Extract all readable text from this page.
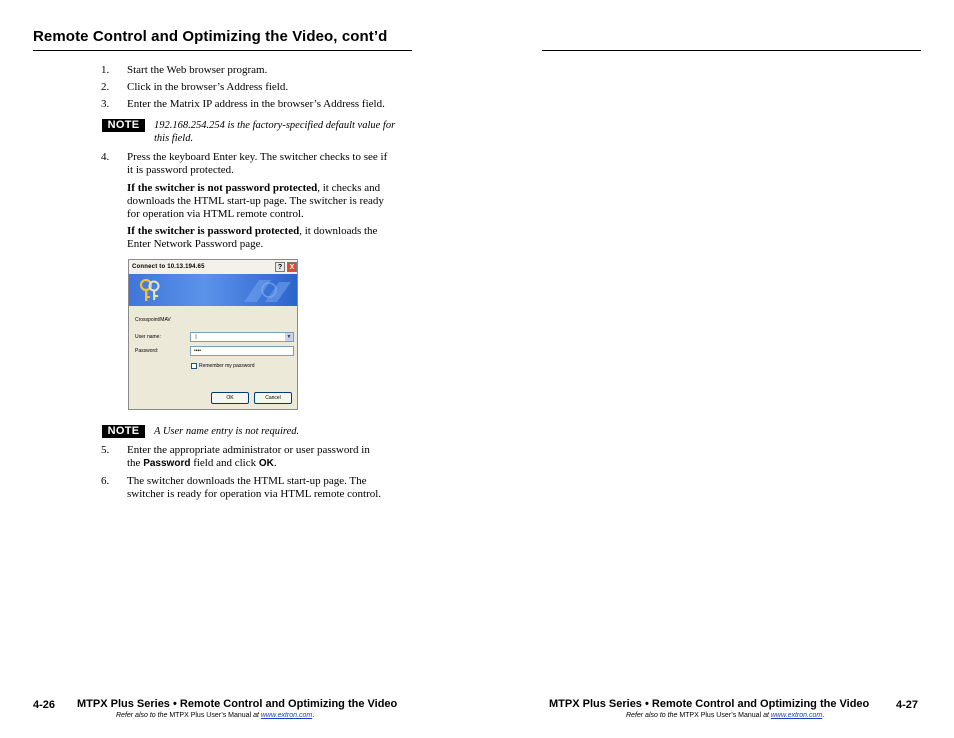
Remote Control and Optimizing the Video, cont’d
1. Start the Web browser program.
2. Click in the browser’s Address field.
3. Enter the Matrix IP address in the browser’s Address field.
NOTE	192.168.254.254 is the factory-specified default value for
this field.
4. Press the keyboard Enter key. The switcher checks to see if
it is password protected.
If the switcher is not password protected, it checks and
downloads the HTML start-up page. The switcher is ready
for operation via HTML remote control.
If the switcher is password protected, it downloads the
Enter Network Password page.
Connect to 10.13.194.65	?	X
Crosspoint/MAV
User name:	|	▼
Password:	••••
Remember my password
OK	Cancel
NOTE	A User name entry is not required.
5. Enter the appropriate administrator or user password in
the Password field and click OK.
6. The switcher downloads the HTML start-up page. The
switcher is ready for operation via HTML remote control.
4-26 MTPX Plus Series • Remote Control and Optimizing the Video
Refer also to the MTPX Plus User’s Manual at www.extron.com.
MTPX Plus Series • Remote Control and Optimizing the Video 4-27
Refer also to the MTPX Plus User’s Manual at www.extron.com.
